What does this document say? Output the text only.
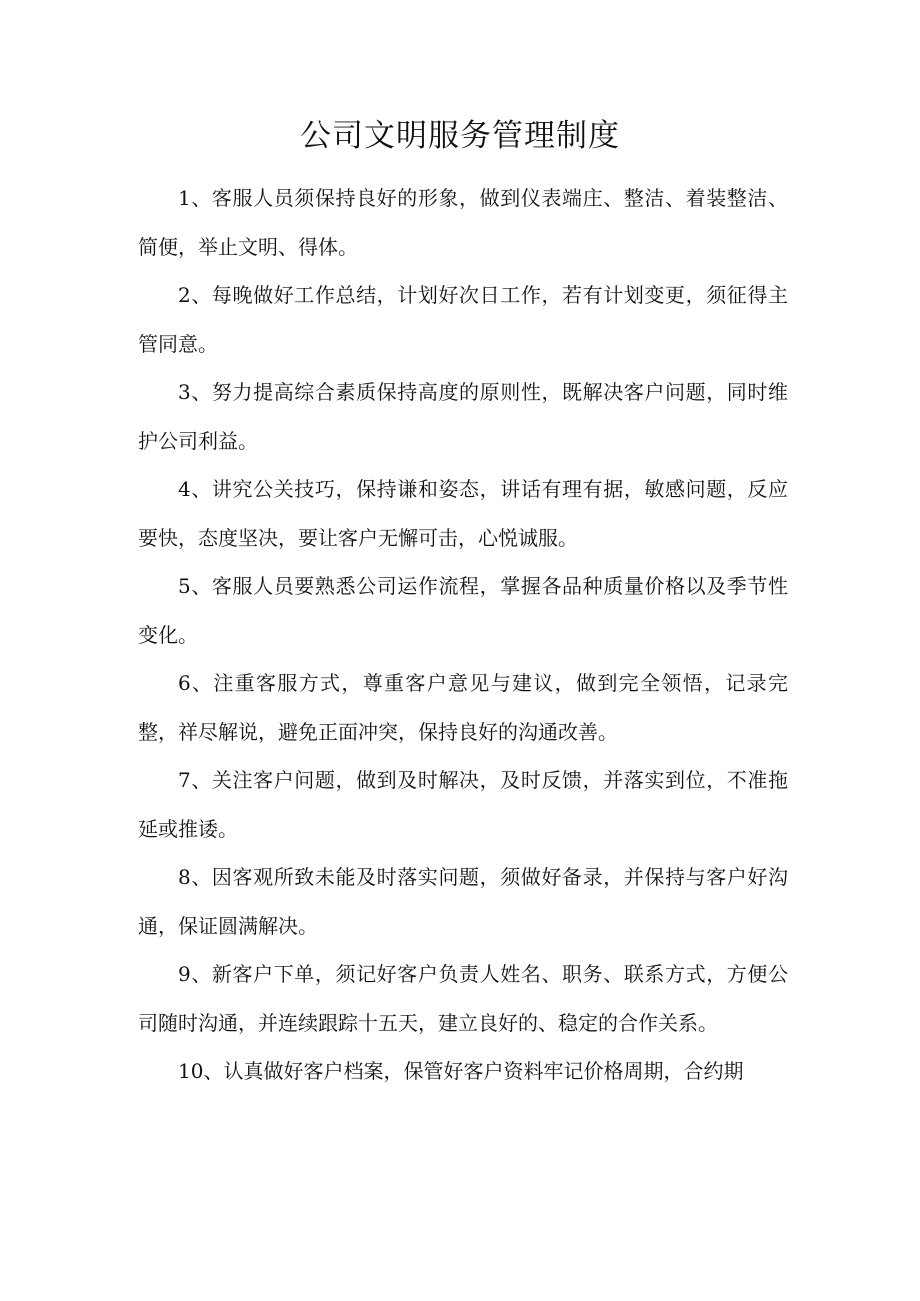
公司文明服务管理制度
1、客服人员须保持良好的形象，做到仪表端庄、整洁、着装整洁、简便，举止文明、得体。
2、每晚做好工作总结，计划好次日工作，若有计划变更，须征得主管同意。
3、努力提高综合素质保持高度的原则性，既解决客户问题，同时维护公司利益。
4、讲究公关技巧，保持谦和姿态，讲话有理有据，敏感问题，反应要快，态度坚决，要让客户无懈可击，心悦诚服。
5、客服人员要熟悉公司运作流程，掌握各品种质量价格以及季节性变化。
6、注重客服方式，尊重客户意见与建议，做到完全领悟，记录完整，祥尽解说，避免正面冲突，保持良好的沟通改善。
7、关注客户问题，做到及时解决，及时反馈，并落实到位，不准拖延或推诿。
8、因客观所致未能及时落实问题，须做好备录，并保持与客户好沟通，保证圆满解决。
9、新客户下单，须记好客户负责人姓名、职务、联系方式，方便公司随时沟通，并连续跟踪十五天，建立良好的、稳定的合作关系。
10、认真做好客户档案，保管好客户资料牢记价格周期，合约期
